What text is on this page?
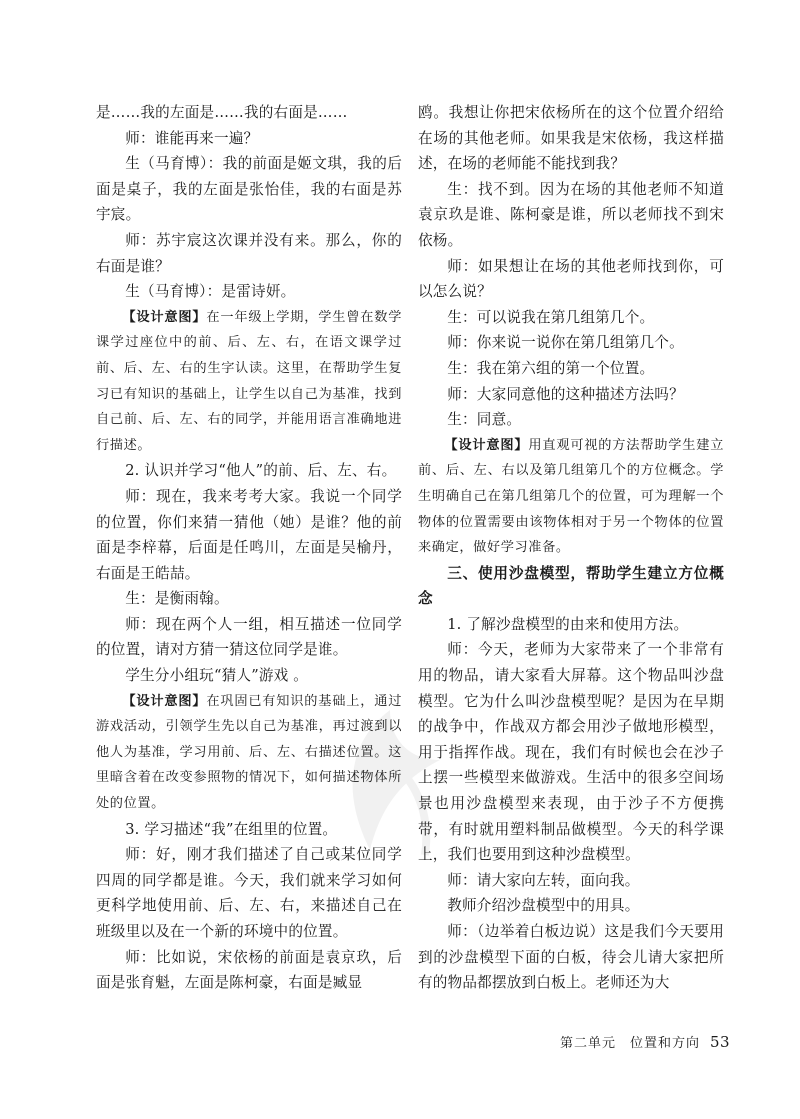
是……我的左面是……我的右面是……

师：谁能再来一遍？

生（马育博）：我的前面是姬文琪，我的后面是桌子，我的左面是张怡佳，我的右面是苏宇宸。

师：苏宇宸这次课并没有来。那么，你的右面是谁？

生（马育博）：是雷诗妍。

【设计意图】在一年级上学期，学生曾在数学课学过座位中的前、后、左、右，在语文课学过前、后、左、右的生字认读。这里，在帮助学生复习已有知识的基础上，让学生以自己为基准，找到自己前、后、左、右的同学，并能用语言准确地进行描述。

2. 认识并学习“他人”的前、后、左、右。

师：现在，我来考考大家。我说一个同学的位置，你们来猜一猜他（她）是谁？他的前面是李梓幕，后面是任鸣川，左面是吴榆丹，右面是王皓喆。

生：是衡雨翰。

师：现在两个人一组，相互描述一位同学的位置，请对方猜一猜这位同学是谁。

学生分小组玩“猜人”游戏 。

【设计意图】在巩固已有知识的基础上，通过游戏活动，引领学生先以自己为基准，再过渡到以他人为基准，学习用前、后、左、右描述位置。这里暗含着在改变参照物的情况下，如何描述物体所处的位置。

3. 学习描述“我”在组里的位置。

师：好，刚才我们描述了自己或某位同学四周的同学都是谁。今天，我们就来学习如何更科学地使用前、后、左、右，来描述自己在班级里以及在一个新的环境中的位置。

师：比如说，宋依杨的前面是袁京玖，后面是张育魁，左面是陈柯豪，右面是臧显

鸥。我想让你把宋依杨所在的这个位置介绍给在场的其他老师。如果我是宋依杨，我这样描述，在场的老师能不能找到我？

生：找不到。因为在场的其他老师不知道袁京玖是谁、陈柯豪是谁，所以老师找不到宋依杨。

师：如果想让在场的其他老师找到你，可以怎么说？

生：可以说我在第几组第几个。

师：你来说一说你在第几组第几个。

生：我在第六组的第一个位置。

师：大家同意他的这种描述方法吗？

生：同意。

【设计意图】用直观可视的方法帮助学生建立前、后、左、右以及第几组第几个的方位概念。学生明确自己在第几组第几个的位置，可为理解一个物体的位置需要由该物体相对于另一个物体的位置来确定，做好学习准备。

三、使用沙盘模型，帮助学生建立方位概念

1. 了解沙盘模型的由来和使用方法。

师：今天，老师为大家带来了一个非常有用的物品，请大家看大屏幕。这个物品叫沙盘模型。它为什么叫沙盘模型呢？是因为在早期的战争中，作战双方都会用沙子做地形模型，用于指挥作战。现在，我们有时候也会在沙子上摆一些模型来做游戏。生活中的很多空间场景也用沙盘模型来表现，由于沙子不方便携带，有时就用塑料制品做模型。今天的科学课上，我们也要用到这种沙盘模型。

师：请大家向左转，面向我。

教师介绍沙盘模型中的用具。

师：（边举着白板边说）这是我们今天要用到的沙盘模型下面的白板，待会儿请大家把所有的物品都摆放到白板上。老师还为大

第二单元　位置和方向 53
